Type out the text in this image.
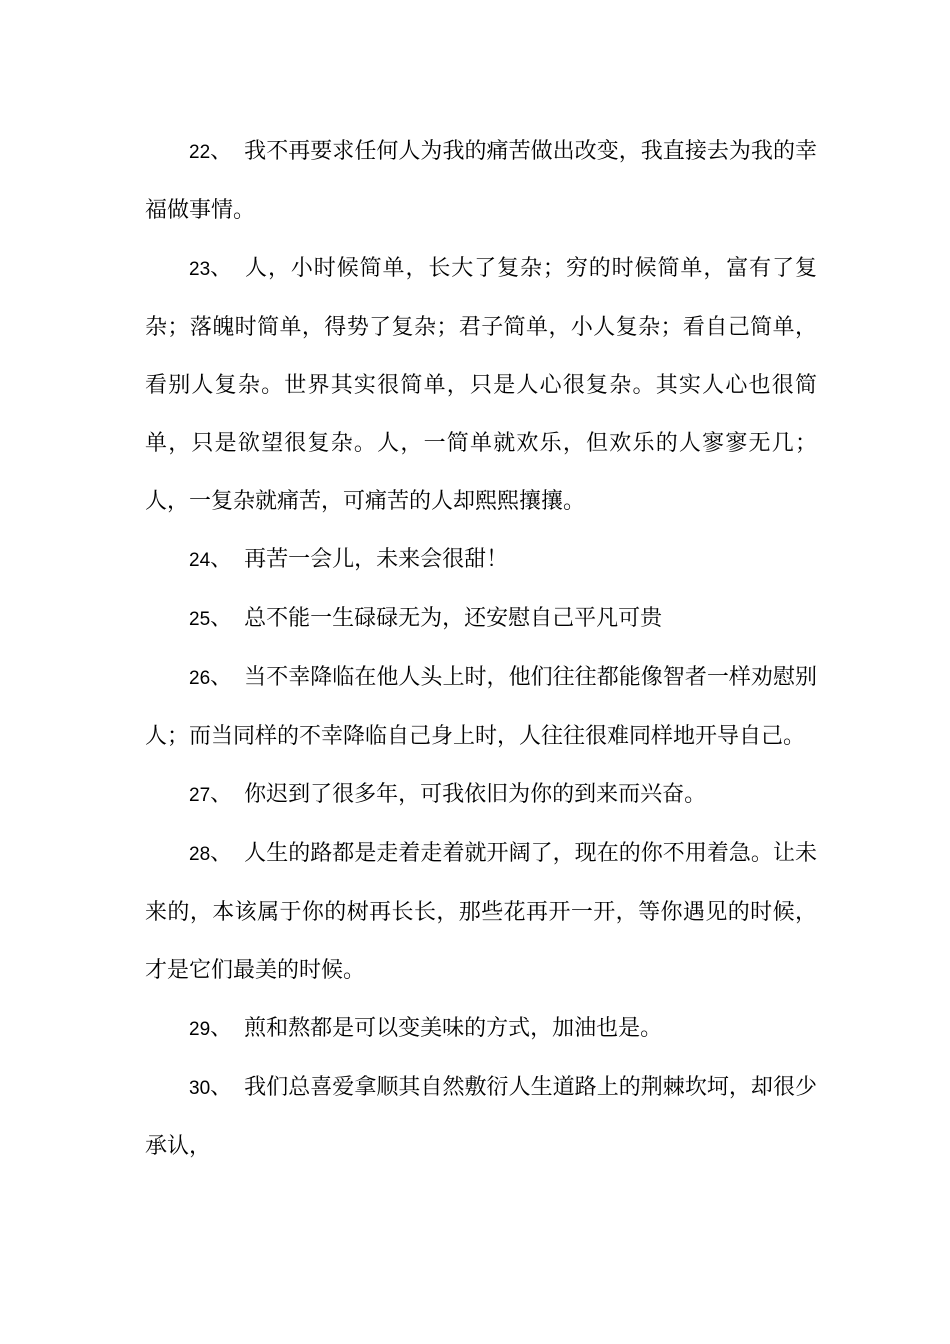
22、 我不再要求任何人为我的痛苦做出改变，我直接去为我的幸福做事情。

23、 人，小时候简单，长大了复杂；穷的时候简单，富有了复杂；落魄时简单，得势了复杂；君子简单，小人复杂；看自己简单，看别人复杂。世界其实很简单，只是人心很复杂。其实人心也很简单，只是欲望很复杂。人，一简单就欢乐，但欢乐的人寥寥无几；人，一复杂就痛苦，可痛苦的人却熙熙攘攘。

24、 再苦一会儿，未来会很甜！

25、 总不能一生碌碌无为，还安慰自己平凡可贵

26、 当不幸降临在他人头上时，他们往往都能像智者一样劝慰别人；而当同样的不幸降临自己身上时，人往往很难同样地开导自己。

27、 你迟到了很多年，可我依旧为你的到来而兴奋。

28、 人生的路都是走着走着就开阔了，现在的你不用着急。让未来的，本该属于你的树再长长，那些花再开一开，等你遇见的时候，才是它们最美的时候。

29、 煎和熬都是可以变美味的方式，加油也是。

30、 我们总喜爱拿顺其自然敷衍人生道路上的荆棘坎坷，却很少承认，
